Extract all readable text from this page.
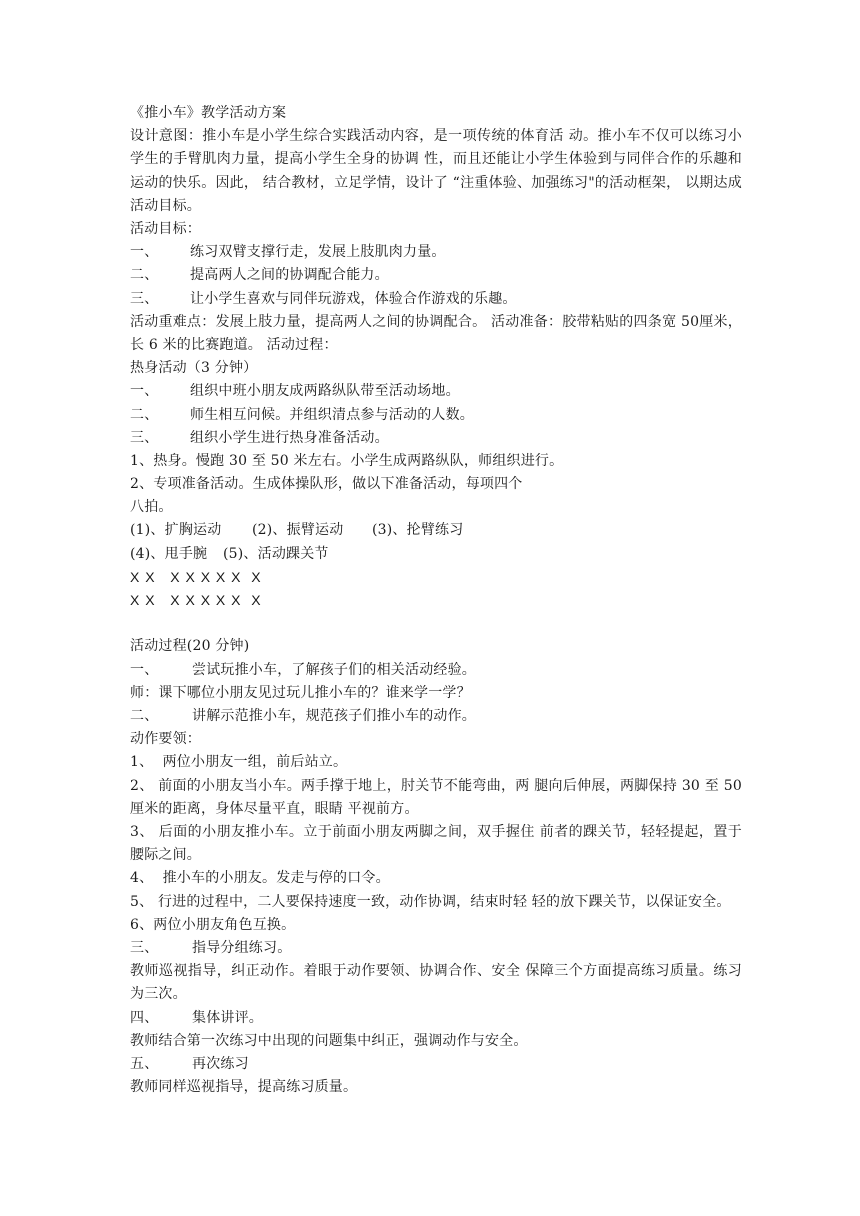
《推小车》教学活动方案
设计意图：推小车是小学生综合实践活动内容，是一项传统的体育活 动。推小车不仅可以练习小学生的手臂肌肉力量，提高小学生全身的协调 性，而且还能让小学生体验到与同伴合作的乐趣和运动的快乐。因此， 结合教材，立足学情，设计了 “注重体验、加强练习"的活动框架， 以期达成活动目标。
活动目标：
一、 练习双臂支撑行走，发展上肢肌肉力量。
二、 提高两人之间的协调配合能力。
三、 让小学生喜欢与同伴玩游戏，体验合作游戏的乐趣。
活动重难点：发展上肢力量，提高两人之间的协调配合。 活动准备：胶带粘贴的四条宽 50厘米，长 6 米的比赛跑道。 活动过程：
热身活动（3 分钟）
一、 组织中班小朋友成两路纵队带至活动场地。
二、 师生相互问候。并组织清点参与活动的人数。
三、 组织小学生进行热身准备活动。
1、热身。慢跑 30 至 50 米左右。小学生成两路纵队，师组织进行。
2、专项准备活动。生成体操队形，做以下准备活动，每项四个
八拍。
(1)、扩胸运动 (2)、振臂运动 (3)、抡臂练习
(4)、甩手腕 (5)、活动踝关节
X X   X X X X X  X
X X   X X X X X  X
活动过程(20 分钟)
一、 尝试玩推小车，了解孩子们的相关活动经验。
师：课下哪位小朋友见过玩儿推小车的？谁来学一学？
二、 讲解示范推小车，规范孩子们推小车的动作。
动作要领：
1、  两位小朋友一组，前后站立。
2、 前面的小朋友当小车。两手撑于地上，肘关节不能弯曲，两 腿向后伸展，两脚保持 30 至 50 厘米的距离，身体尽量平直，眼睛 平视前方。
3、 后面的小朋友推小车。立于前面小朋友两脚之间，双手握住 前者的踝关节，轻轻提起，置于腰际之间。
4、  推小车的小朋友。发走与停的口令。
5、 行进的过程中，二人要保持速度一致，动作协调，结束时轻 轻的放下踝关节，以保证安全。
6、两位小朋友角色互换。
三、 指导分组练习。
教师巡视指导，纠正动作。着眼于动作要领、协调合作、安全 保障三个方面提高练习质量。练习为三次。
四、 集体讲评。
教师结合第一次练习中出现的问题集中纠正，强调动作与安全。
五、 再次练习
教师同样巡视指导，提高练习质量。
